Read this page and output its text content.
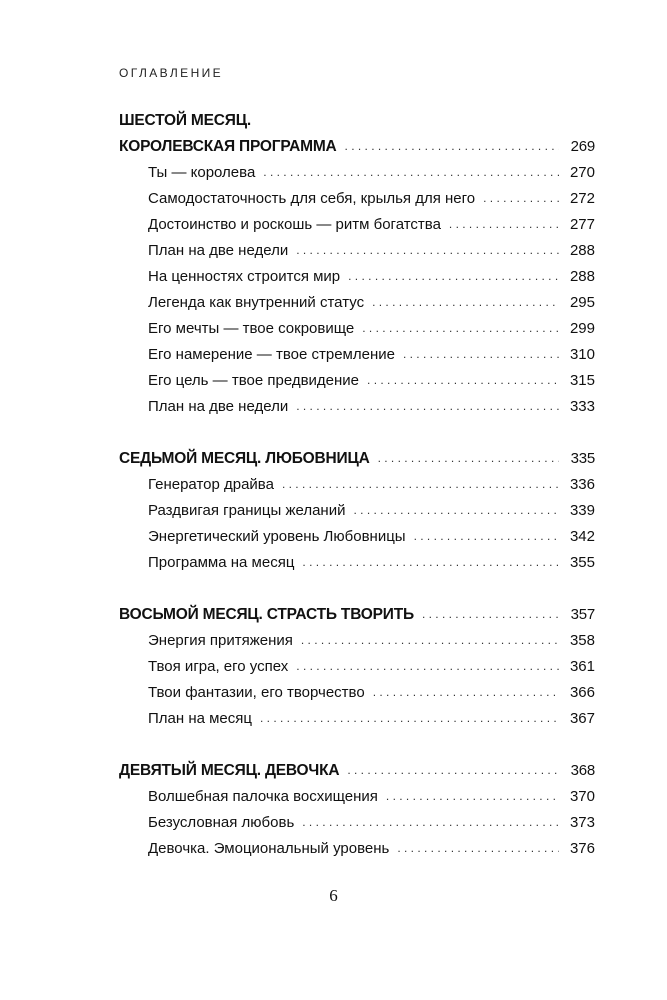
ОГЛАВЛЕНИЕ
ШЕСТОЙ МЕСЯЦ.
КОРОЛЕВСКАЯ ПРОГРАММА . . .	269
Ты — королева . . .	270
Самодостаточность для себя, крылья для него . . .	272
Достоинство и роскошь — ритм богатства . . .	277
План на две недели . . .	288
На ценностях строится мир . . .	288
Легенда как внутренний статус . . .	295
Его мечты — твое сокровище . . .	299
Его намерение — твое стремление . . .	310
Его цель — твое предвидение . . .	315
План на две недели . . .	333
СЕДЬМОЙ МЕСЯЦ. ЛЮБОВНИЦА . . .	335
Генератор драйва . . .	336
Раздвигая границы желаний . . .	339
Энергетический уровень Любовницы . . .	342
Программа на месяц . . .	355
ВОСЬМОЙ МЕСЯЦ. СТРАСТЬ ТВОРИТЬ . . .	357
Энергия притяжения . . .	358
Твоя игра, его успех . . .	361
Твои фантазии, его творчество . . .	366
План на месяц . . .	367
ДЕВЯТЫЙ МЕСЯЦ. ДЕВОЧКА . . .	368
Волшебная палочка восхищения . . .	370
Безусловная любовь . . .	373
Девочка. Эмоциональный уровень . . .	376
6
